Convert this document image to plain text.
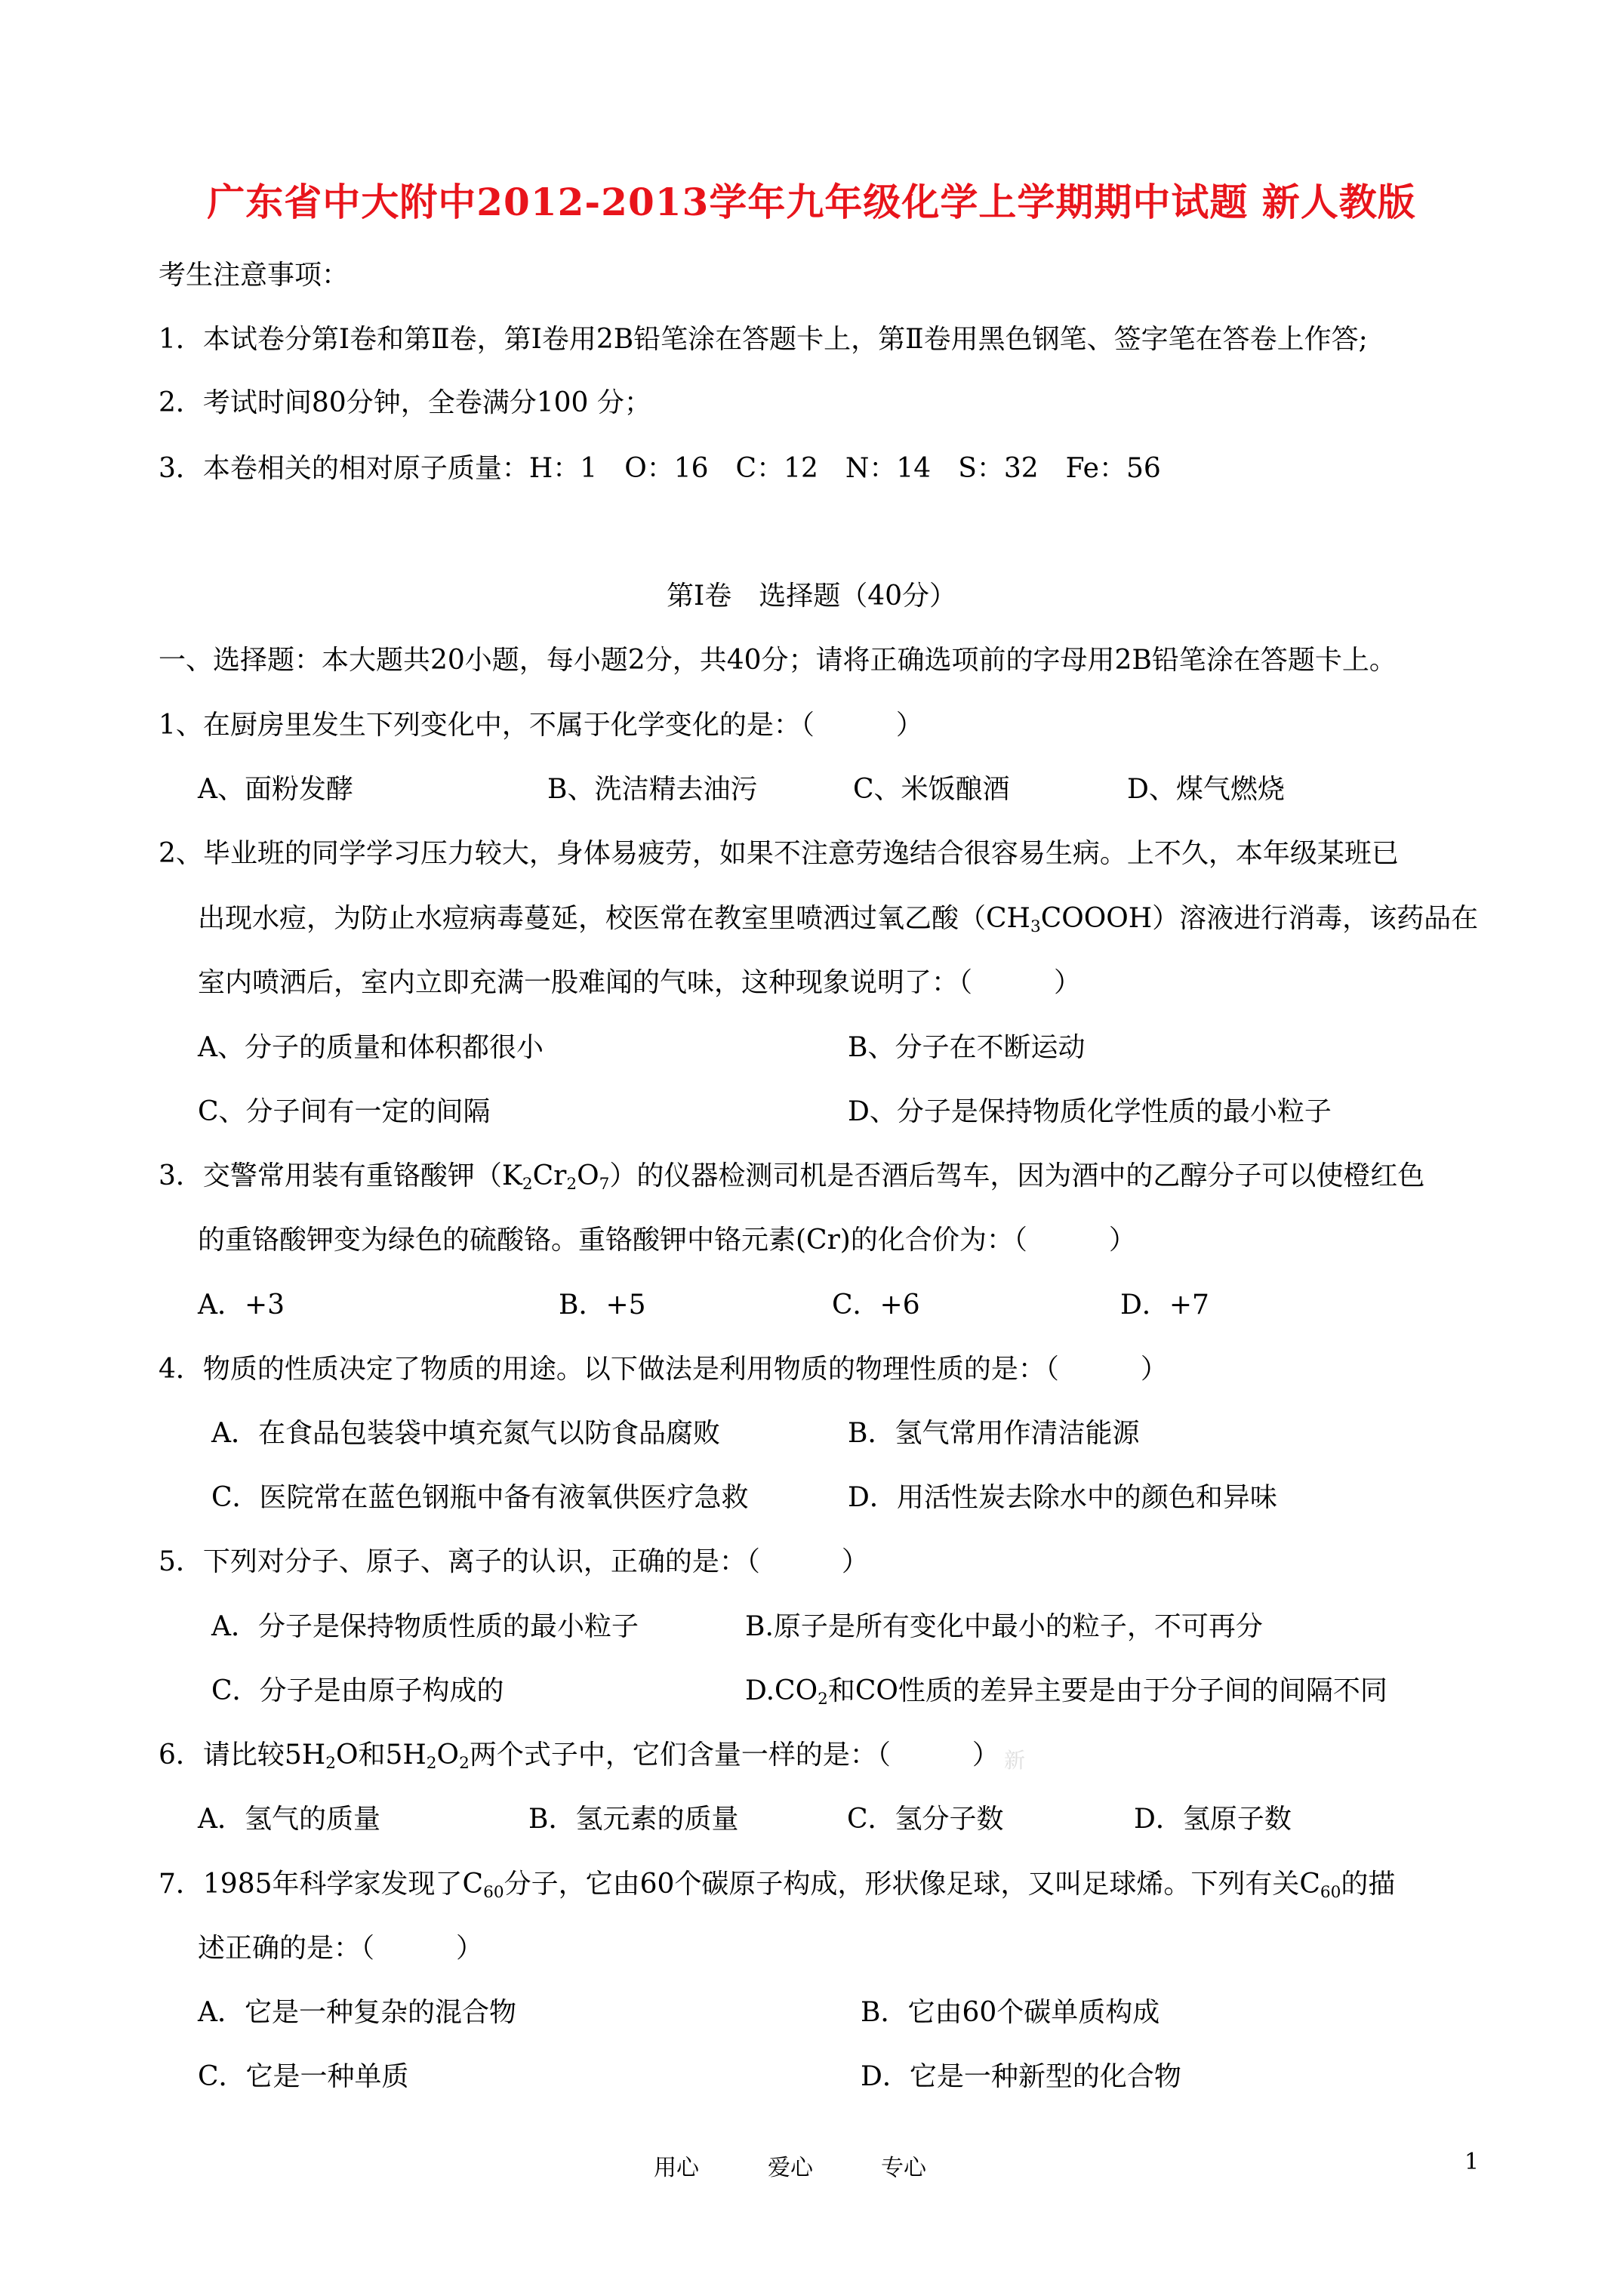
广东省中大附中2012-2013学年九年级化学上学期期中试题 新人教版
考生注意事项：
1．本试卷分第Ⅰ卷和第Ⅱ卷，第Ⅰ卷用2B铅笔涂在答题卡上，第Ⅱ卷用黑色钢笔、签字笔在答卷上作答;
2．考试时间80分钟，全卷满分100 分；
3．本卷相关的相对原子质量：H：1　O：16　C：12　N：14　S：32　Fe：56
第Ⅰ卷　选择题（40分）
一、选择题：本大题共20小题，每小题2分，共40分；请将正确选项前的字母用2B铅笔涂在答题卡上。
1、在厨房里发生下列变化中，不属于化学变化的是：（　　　）
A、面粉发酵	B、洗洁精去油污	C、米饭酿酒	D、煤气燃烧
2、毕业班的同学学习压力较大，身体易疲劳，如果不注意劳逸结合很容易生病。上不久，本年级某班已
出现水痘，为防止水痘病毒蔓延，校医常在教室里喷洒过氧乙酸$(CH_3COOOH)$溶液进行消毒，该药品在
室内喷洒后，室内立即充满一股难闻的气味，这种现象说明了：（　　　）
A、分子的质量和体积都很小	B、分子在不断运动
C、分子间有一定的间隔	D、分子是保持物质化学性质的最小粒子
3．交警常用装有重铬酸钾$(K_2Cr_2O_7)$的仪器检测司机是否酒后驾车，因为酒中的乙醇分子可以使橙红色
的重铬酸钾变为绿色的硫酸铬。重铬酸钾中铬元素(Cr)的化合价为：（　　　）
A．+3	B．+5	C．+6	D．+7
4．物质的性质决定了物质的用途。以下做法是利用物质的物理性质的是：（　　　）
A．在食品包装袋中填充氮气以防食品腐败	B．氢气常用作清洁能源
C．医院常在蓝色钢瓶中备有液氧供医疗急救	D．用活性炭去除水中的颜色和异味
5．下列对分子、原子、离子的认识，正确的是：（　　　）
A．分子是保持物质性质的最小粒子	B.原子是所有变化中最小的粒子，不可再分
C．分子是由原子构成的	$D.CO_2$和CO性质的差异主要是由于分子间的间隔不同
6．请比较$5H_2O$和$5H_2O_2$两个式子中，它们含量一样的是：（　　　） 新
A．氢气的质量	B．氢元素的质量	C．氢分子数	D．氢原子数
7．1985年科学家发现了$C_{60}$分子，它由60个碳原子构成，形状像足球，又叫足球烯。下列有关$C_{60}$的描
述正确的是：（　　　）
A．它是一种复杂的混合物	B．它由60个碳单质构成
C．它是一种单质	D．它是一种新型的化合物
用心	爱心	专心	1
